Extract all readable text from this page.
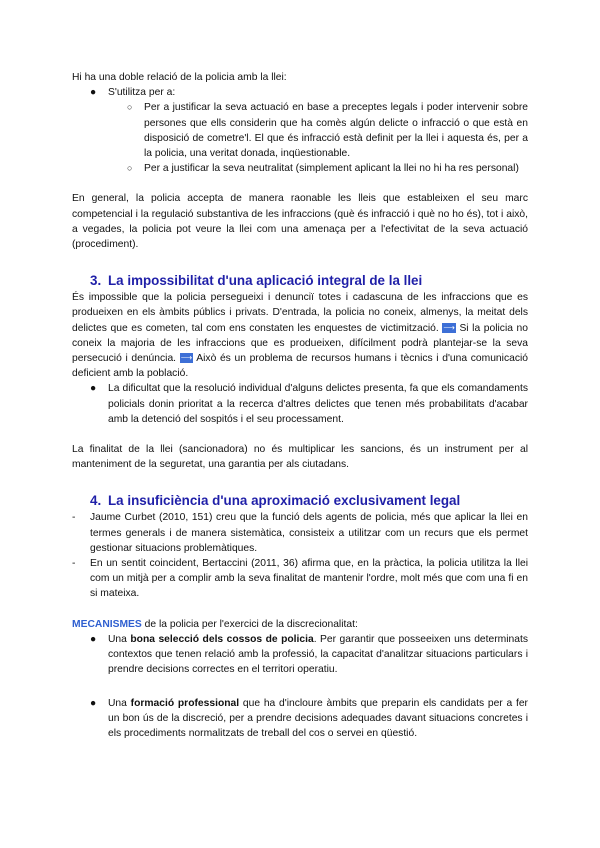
Hi ha una doble relació de la policia amb la llei:

● S'utilitza per a:
○ Per a justificar la seva actuació en base a preceptes legals i poder intervenir sobre persones que ells considerin que ha comès algún delicte o infracció o que està en disposició de cometre'l. El que és infracció està definit per la llei i aquesta és, per a la policia, una veritat donada, inqüestionable.
○ Per a justificar la seva neutralitat (simplement aplicant la llei no hi ha res personal)

En general, la policia accepta de manera raonable les lleis que estableixen el seu marc competencial i la regulació substantiva de les infraccions (què és infracció i què no ho és), tot i això, a vegades, la policia pot veure la llei com una amenaça per a l'efectivitat de la seva actuació (procediment).

3. La impossibilitat d'una aplicació integral de la llei

És impossible que la policia persegueixi i denunciï totes i cadascuna de les infraccions que es produeixen en els àmbits públics i privats. D'entrada, la policia no coneix, almenys, la meitat dels delictes que es cometen, tal com ens constaten les enquestes de victimització. ⟶ Si la policia no coneix la majoria de les infraccions que es produeixen, difícilment podrà plantejar-se la seva persecució i denúncia. ⟶ Això és un problema de recursos humans i tècnics i d'una comunicació deficient amb la població.

● La dificultat que la resolució individual d'alguns delictes presenta, fa que els comandaments policials donin prioritat a la recerca d'altres delictes que tenen més probabilitats d'acabar amb la detenció del sospitós i el seu processament.

La finalitat de la llei (sancionadora) no és multiplicar les sancions, és un instrument per al manteniment de la seguretat, una garantia per als ciutadans.

4. La insuficiència d'una aproximació exclusivament legal
- Jaume Curbet (2010, 151) creu que la funció dels agents de policia, més que aplicar la llei en termes generals i de manera sistemàtica, consisteix a utilitzar com un recurs que els permet gestionar situacions problemàtiques.
- En un sentit coincident, Bertaccini (2011, 36) afirma que, en la pràctica, la policia utilitza la llei com un mitjà per a complir amb la seva finalitat de mantenir l'ordre, molt més que com una fi en si mateixa.

MECANISMES de la policia per l'exercici de la discrecionalitat:

● Una bona selecció dels cossos de policia. Per garantir que posseeixen uns determinats contextos que tenen relació amb la professió, la capacitat d'analitzar situacions particulars i prendre decisions correctes en el territori operatiu.
● Una formació professional que ha d'incloure àmbits que preparin els candidats per a fer un bon ús de la discreció, per a prendre decisions adequades davant situacions concretes i els procediments normalitzats de treball del cos o servei en qüestió.
